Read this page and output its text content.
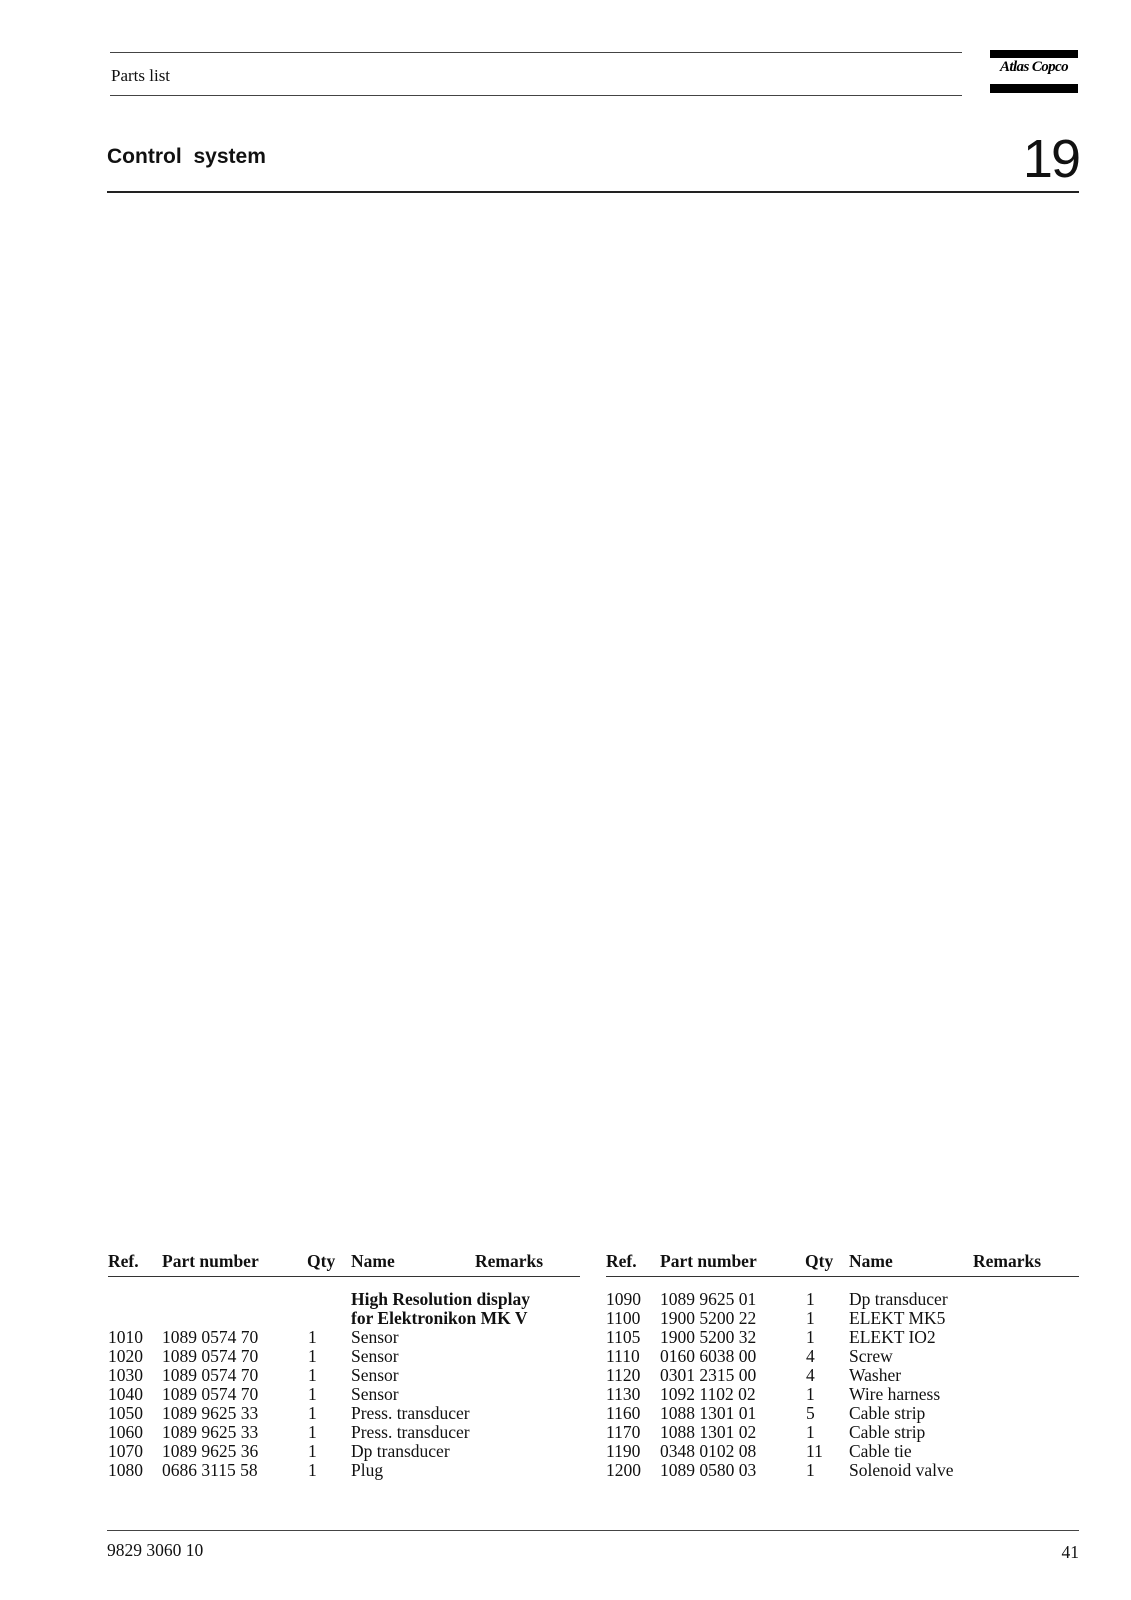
Parts list	Atlas Copco
Control system	19
Ref. Part number	Qty Name	Remarks
High Resolution display
for Elektronikon MK V
1010 1089 0574 70	1 Sensor
1020 1089 0574 70	1 Sensor
1030 1089 0574 70	1 Sensor
1040 1089 0574 70	1 Sensor
1050 1089 9625 33	1 Press. transducer
1060 1089 9625 33	1 Press. transducer
1070 1089 9625 36	1 Dp transducer
1080 0686 3115 58	1 Plug
Ref. Part number	Qty Name	Remarks
1090 1089 9625 01	1 Dp transducer
1100 1900 5200 22	1 ELEKT MK5
1105 1900 5200 32	1 ELEKT IO2
1110 0160 6038 00	4 Screw
1120 0301 2315 00	4 Washer
1130 1092 1102 02	1 Wire harness
1160 1088 1301 01	5 Cable strip
1170 1088 1301 02	1 Cable strip
1190 0348 0102 08	11 Cable tie
1200 1089 0580 03	1 Solenoid valve
9829 3060 10	41
